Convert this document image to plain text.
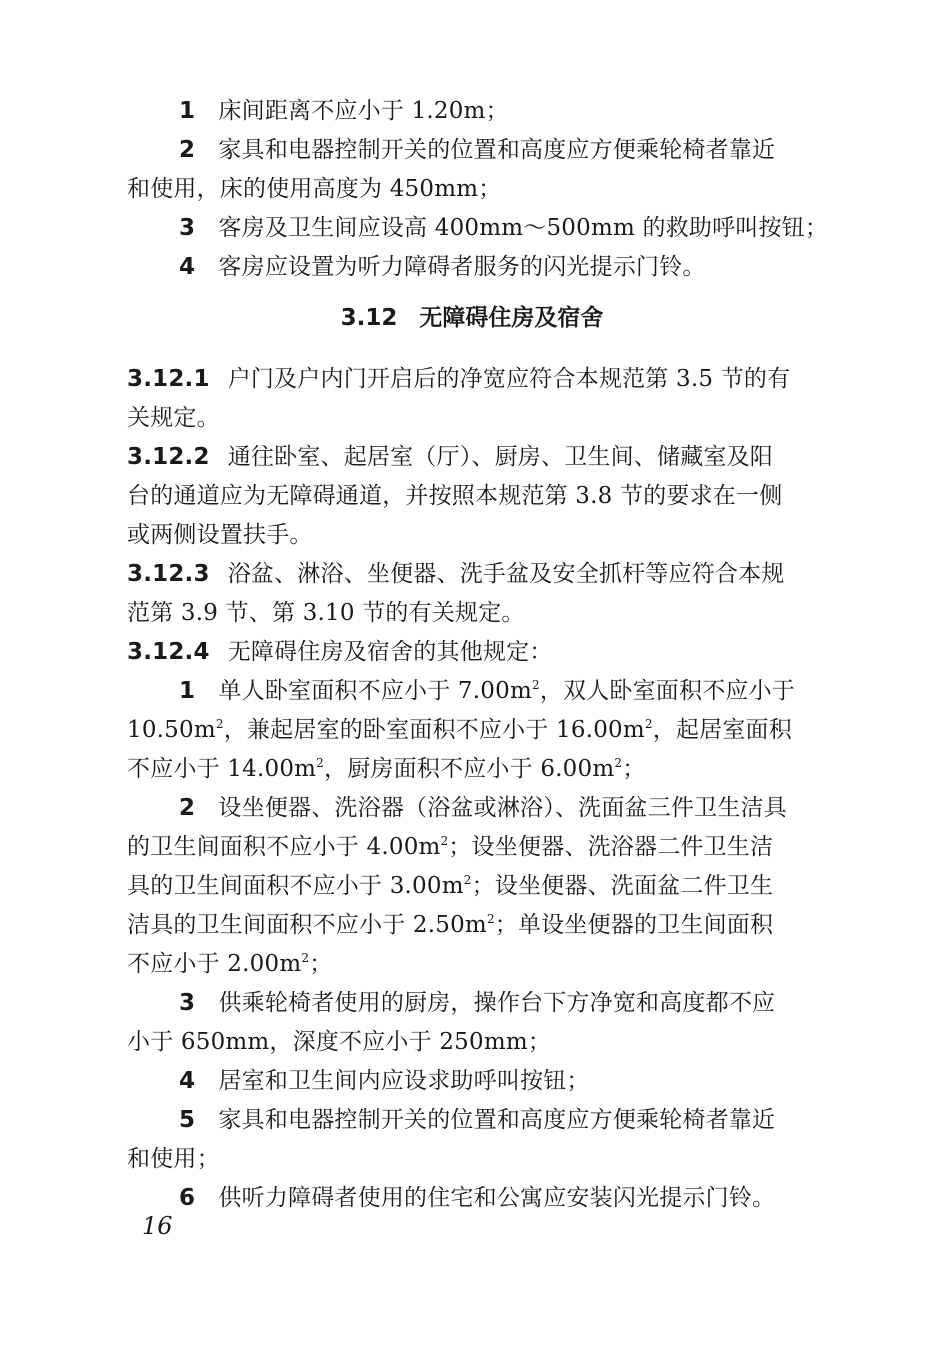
1  床间距离不应小于 1.20m；
2  家具和电器控制开关的位置和高度应方便乘轮椅者靠近
和使用，床的使用高度为 450mm；
3  客房及卫生间应设高 400mm～500mm 的救助呼叫按钮；
4  客房应设置为听力障碍者服务的闪光提示门铃。
3.12 无障碍住房及宿舍
3.12.1 户门及户内门开启后的净宽应符合本规范第 3.5 节的有
关规定。
3.12.2 通往卧室、起居室（厅）、厨房、卫生间、储藏室及阳
台的通道应为无障碍通道，并按照本规范第 3.8 节的要求在一侧
或两侧设置扶手。
3.12.3 浴盆、淋浴、坐便器、洗手盆及安全抓杆等应符合本规
范第 3.9 节、第 3.10 节的有关规定。
3.12.4 无障碍住房及宿舍的其他规定：
1  单人卧室面积不应小于 $7.00m^2$，双人卧室面积不应小于
$10.50m^2$，兼起居室的卧室面积不应小于 $16.00m^2$，起居室面积
不应小于 $14.00m^2$，厨房面积不应小于 $6.00m^2$；
2  设坐便器、洗浴器（浴盆或淋浴）、洗面盆三件卫生洁具
的卫生间面积不应小于 $4.00m^2$；设坐便器、洗浴器二件卫生洁
具的卫生间面积不应小于 $3.00m^2$；设坐便器、洗面盆二件卫生
洁具的卫生间面积不应小于 $2.50m^2$；单设坐便器的卫生间面积
不应小于 $2.00m^2$；
3  供乘轮椅者使用的厨房，操作台下方净宽和高度都不应
小于 650mm，深度不应小于 250mm；
4  居室和卫生间内应设求助呼叫按钮；
5  家具和电器控制开关的位置和高度应方便乘轮椅者靠近
和使用；
6  供听力障碍者使用的住宅和公寓应安装闪光提示门铃。
16
